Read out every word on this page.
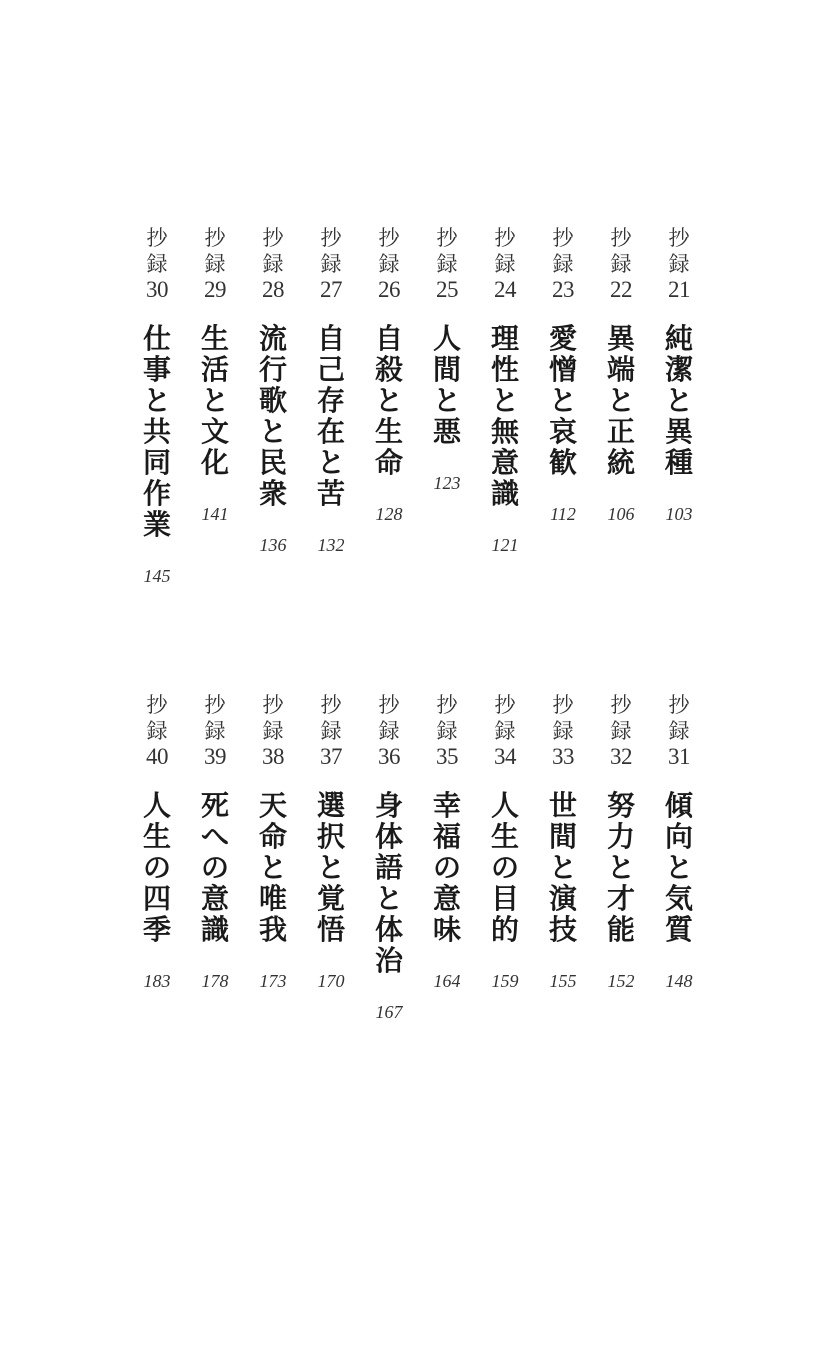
抄
録
21
純
潔
と
異
種
103
抄
録
22
異
端
と
正
統
106
抄
録
23
愛
憎
と
哀
歓
112
抄
録
24
理
性
と
無
意
識
121
抄
録
25
人
間
と
悪
123
抄
録
26
自
殺
と
生
命
128
抄
録
27
自
己
存
在
と
苦
132
抄
録
28
流
行
歌
と
民
衆
136
抄
録
29
生
活
と
文
化
141
抄
録
30
仕
事
と
共
同
作
業
145
抄
録
31
傾
向
と
気
質
148
抄
録
32
努
力
と
才
能
152
抄
録
33
世
間
と
演
技
155
抄
録
34
人
生
の
目
的
159
抄
録
35
幸
福
の
意
味
164
抄
録
36
身
体
語
と
体
治
167
抄
録
37
選
択
と
覚
悟
170
抄
録
38
天
命
と
唯
我
173
抄
録
39
死
へ
の
意
識
178
抄
録
40
人
生
の
四
季
183
